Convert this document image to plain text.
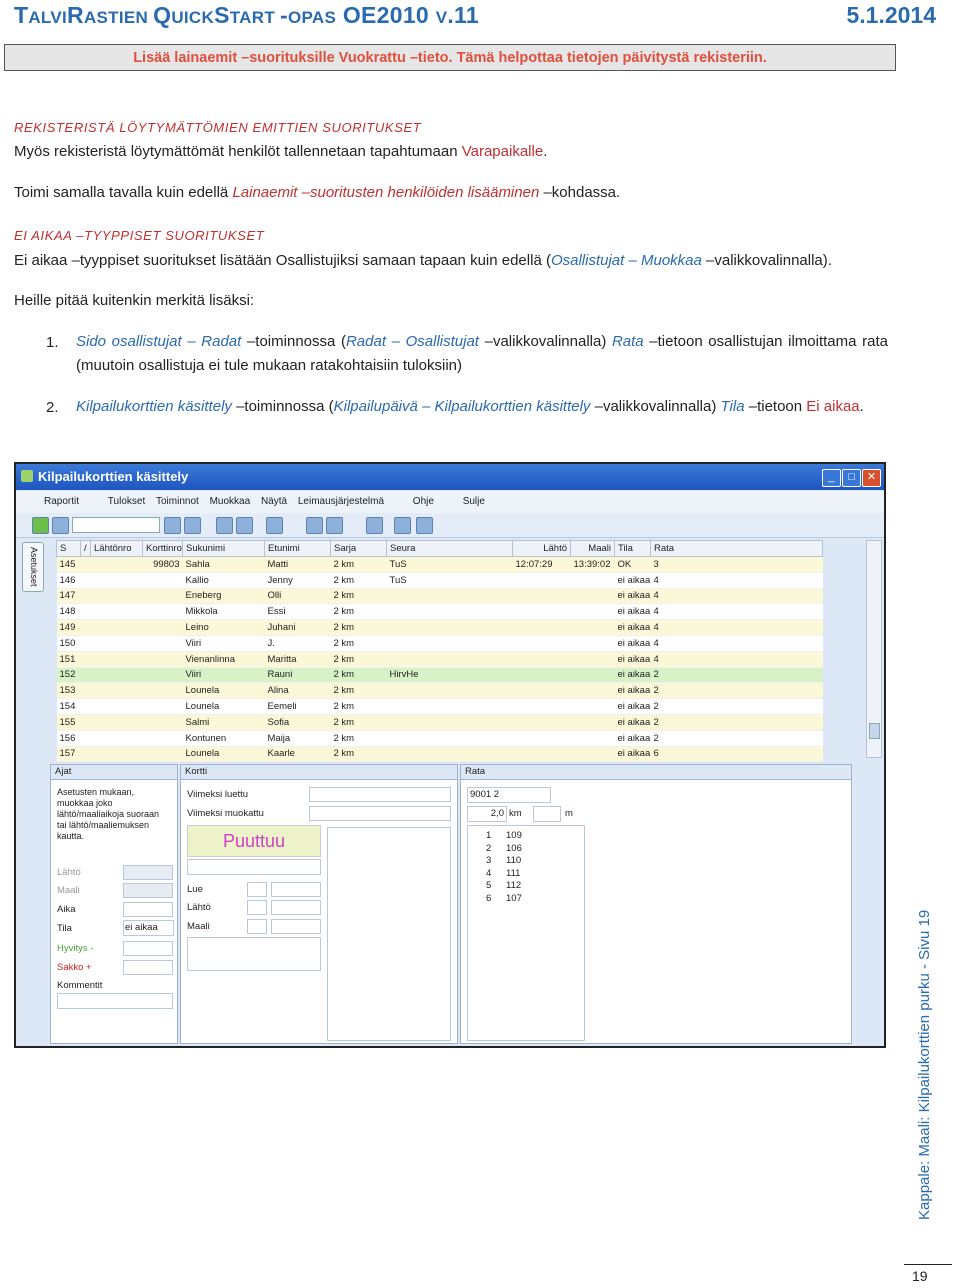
TALVIRASTIEN QUICKSTART -OPAS OE2010 V.11	5.1.2014
Lisää lainaemit –suorituksille Vuokrattu –tieto. Tämä helpottaa tietojen päivitystä rekisteriin.
REKISTERISTÄ LÖYTYMÄTTÖMIEN EMITTIEN SUORITUKSET
Myös rekisteristä löytymättömät henkilöt tallennetaan tapahtumaan Varapaikalle.
Toimi samalla tavalla kuin edellä Lainaemit –suoritusten henkilöiden lisääminen –kohdassa.
EI AIKAA –TYYPPISET SUORITUKSET
Ei aikaa –tyyppiset suoritukset lisätään Osallistujiksi samaan tapaan kuin edellä (Osallistujat – Muokkaa –valikkovalinnalla).
Heille pitää kuitenkin merkitä lisäksi:
1. Sido osallistujat – Radat –toiminnossa (Radat – Osallistujat –valikkovalinnalla) Rata –tietoon osallistujan ilmoittama rata (muutoin osallistuja ei tule mukaan ratakohtaisiin tuloksiin)
2. Kilpailukorttien käsittely –toiminnossa (Kilpailupäivä – Kilpailukorttien käsittely –valikkovalinnalla) Tila –tietoon Ei aikaa.
Kilpailukorttien käsittely	_	□	✕
Raportit	Tulokset Toiminnot Muokkaa Näytä Leimausjärjestelmä	Ohje	Sulje
Asetukset	S	/	Lähtönro	Korttinro	Sukunimi	Etunimi	Sarja	Seura	Lähtö	Maali	Tila	Rata
145			99803	Sahla	Matti	2 km	TuS	12:07:29	13:39:02	OK	3
146				Kallio	Jenny	2 km	TuS			ei aikaa	4
147				Eneberg	Olli	2 km				ei aikaa	4
148				Mikkola	Essi	2 km				ei aikaa	4
149				Leino	Juhani	2 km				ei aikaa	4
150				Viiri	J.	2 km				ei aikaa	4
151				Vienanlinna	Maritta	2 km				ei aikaa	4
152				Viiri	Rauni	2 km	HirvHe			ei aikaa	2
153				Lounela	Alina	2 km				ei aikaa	2
154				Lounela	Eemeli	2 km				ei aikaa	2
155				Salmi	Sofia	2 km				ei aikaa	2
156				Kontunen	Maija	2 km				ei aikaa	2
157				Lounela	Kaarle	2 km				ei aikaa	6
Ajat
Asetusten mukaan, muokkaa joko lähtö/maaliaikoja suoraan tai lähtö/maaliemuksen kautta.
Lähtö
Maali
Aika
Tila	ei aikaa
Hyvitys -
Sakko +
Kommentit
Kortti
Viimeksi luettu
Viimeksi muokattu
Puuttuu
Lue
Lähtö
Maali
Rata
9001 2
2,0 km	m
1 109
2 106
3 110
4 111
5 112
6 107
Kappale: Maali: Kilpailukorttien purku - Sivu 19
19
